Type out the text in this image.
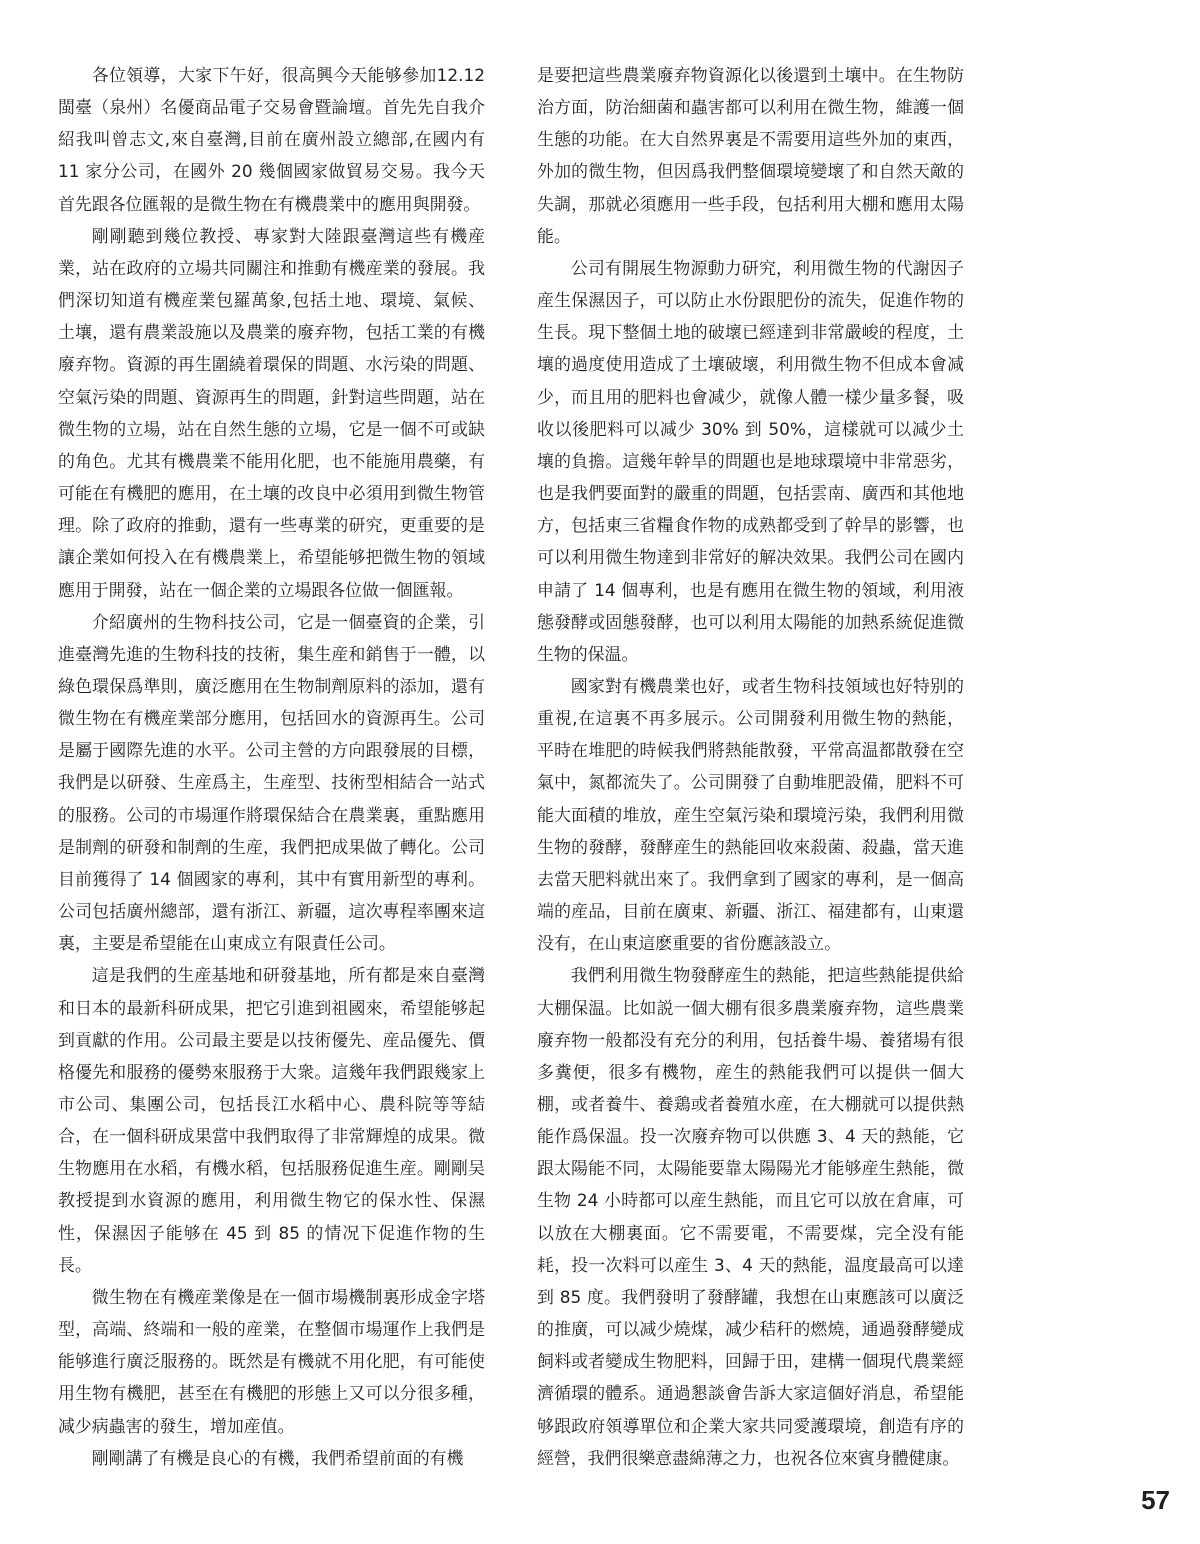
各位領導，大家下午好，很高興今天能够參加12.12 閩臺（泉州）名優商品電子交易會暨論壇。首先先自我介紹我叫曾志文,來自臺灣,目前在廣州設立總部,在國内有 11 家分公司，在國外 20 幾個國家做貿易交易。我今天首先跟各位匯報的是微生物在有機農業中的應用與開發。

剛剛聽到幾位教授、專家對大陸跟臺灣這些有機産業，站在政府的立場共同關注和推動有機産業的發展。我們深切知道有機産業包羅萬象,包括土地、環境、氣候、土壤，還有農業設施以及農業的廢弃物，包括工業的有機廢弃物。資源的再生圍繞着環保的問題、水污染的問題、空氣污染的問題、資源再生的問題，針對這些問題，站在微生物的立場，站在自然生態的立場，它是一個不可或缺的角色。尤其有機農業不能用化肥，也不能施用農藥，有可能在有機肥的應用，在土壤的改良中必須用到微生物管理。除了政府的推動，還有一些專業的研究，更重要的是讓企業如何投入在有機農業上，希望能够把微生物的領域應用于開發，站在一個企業的立場跟各位做一個匯報。

介紹廣州的生物科技公司，它是一個臺資的企業，引進臺灣先進的生物科技的技術，集生産和銷售于一體，以綠色環保爲準則，廣泛應用在生物制劑原料的添加，還有微生物在有機産業部分應用，包括回水的資源再生。公司是屬于國際先進的水平。公司主營的方向跟發展的目標，我們是以研發、生産爲主，生産型、技術型相結合一站式的服務。公司的市場運作將環保結合在農業裏，重點應用是制劑的研發和制劑的生産，我們把成果做了轉化。公司目前獲得了 14 個國家的專利，其中有實用新型的專利。公司包括廣州總部，還有浙江、新疆，這次專程率團來這裏，主要是希望能在山東成立有限責任公司。

這是我們的生産基地和研發基地，所有都是來自臺灣和日本的最新科研成果，把它引進到祖國來，希望能够起到貢獻的作用。公司最主要是以技術優先、産品優先、價格優先和服務的優勢來服務于大衆。這幾年我們跟幾家上市公司、集團公司，包括長江水稻中心、農科院等等結合，在一個科研成果當中我們取得了非常輝煌的成果。微生物應用在水稻，有機水稻，包括服務促進生産。剛剛吴教授提到水資源的應用，利用微生物它的保水性、保濕性，保濕因子能够在 45 到 85 的情况下促進作物的生長。

微生物在有機産業像是在一個市場機制裏形成金字塔型，高端、終端和一般的産業，在整個市場運作上我們是能够進行廣泛服務的。既然是有機就不用化肥，有可能使用生物有機肥，甚至在有機肥的形態上又可以分很多種，减少病蟲害的發生，增加産值。

剛剛講了有機是良心的有機，我們希望前面的有機

是要把這些農業廢弃物資源化以後還到土壤中。在生物防治方面，防治細菌和蟲害都可以利用在微生物，維護一個生態的功能。在大自然界裏是不需要用這些外加的東西，外加的微生物，但因爲我們整個環境變壞了和自然天敵的失調，那就必須應用一些手段，包括利用大棚和應用太陽能。

公司有開展生物源動力研究，利用微生物的代謝因子産生保濕因子，可以防止水份跟肥份的流失，促進作物的生長。現下整個土地的破壞已經達到非常嚴峻的程度，土壤的過度使用造成了土壤破壞，利用微生物不但成本會减少，而且用的肥料也會减少，就像人體一樣少量多餐，吸收以後肥料可以减少 30% 到 50%，這樣就可以减少土壤的負擔。這幾年幹旱的問題也是地球環境中非常惡劣，也是我們要面對的嚴重的問題，包括雲南、廣西和其他地方，包括東三省糧食作物的成熟都受到了幹旱的影響，也可以利用微生物達到非常好的解决效果。我們公司在國内申請了 14 個專利，也是有應用在微生物的領域，利用液態發酵或固態發酵，也可以利用太陽能的加熱系統促進微生物的保温。

國家對有機農業也好，或者生物科技領域也好特别的重視,在這裏不再多展示。公司開發利用微生物的熱能，平時在堆肥的時候我們將熱能散發，平常高温都散發在空氣中，氮都流失了。公司開發了自動堆肥設備，肥料不可能大面積的堆放，産生空氣污染和環境污染，我們利用微生物的發酵，發酵産生的熱能回收來殺菌、殺蟲，當天進去當天肥料就出來了。我們拿到了國家的專利，是一個高端的産品，目前在廣東、新疆、浙江、福建都有，山東還没有，在山東這麽重要的省份應該設立。

我們利用微生物發酵産生的熱能，把這些熱能提供給大棚保温。比如説一個大棚有很多農業廢弃物，這些農業廢弃物一般都没有充分的利用，包括養牛場、養猪場有很多糞便，很多有機物，産生的熱能我們可以提供一個大棚，或者養牛、養鶏或者養殖水産，在大棚就可以提供熱能作爲保温。投一次廢弃物可以供應 3、4 天的熱能，它跟太陽能不同，太陽能要靠太陽陽光才能够産生熱能，微生物 24 小時都可以産生熱能，而且它可以放在倉庫，可以放在大棚裏面。它不需要電，不需要煤，完全没有能耗，投一次料可以産生 3、4 天的熱能，温度最高可以達到 85 度。我們發明了發酵罐，我想在山東應該可以廣泛的推廣，可以减少燒煤，减少秸秆的燃燒，通過發酵變成飼料或者變成生物肥料，回歸于田，建構一個現代農業經濟循環的體系。通過懇談會告訴大家這個好消息，希望能够跟政府領導單位和企業大家共同愛護環境，創造有序的經營，我們很樂意盡綿薄之力，也祝各位來賓身體健康。

57
